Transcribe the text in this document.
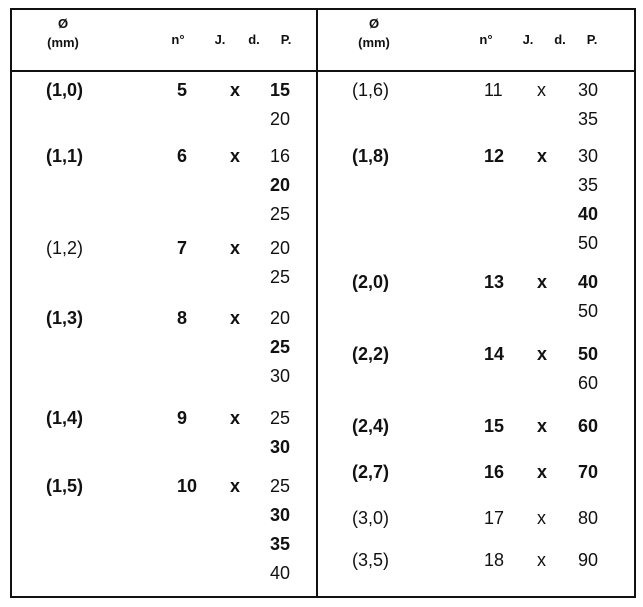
Ø
(mm)	n° J. d. P.
Ø
(mm)	n° J. d. P.
(1,0)	5 x 15
20
(1,1)	6 x 16
20
25
(1,2)	7 x 20
25
(1,3)	8 x 20
25
30
(1,4)	9 x 25
30
(1,5)	10 x 25
30
35
40
(1,6)	11 x 30
35
(1,8)	12 x 30
35
40
50
(2,0)	13 x 40
50
(2,2)	14 x 50
60
(2,4)	15 x 60
(2,7)	16 x 70
(3,0)	17 x 80
(3,5)	18 x 90
